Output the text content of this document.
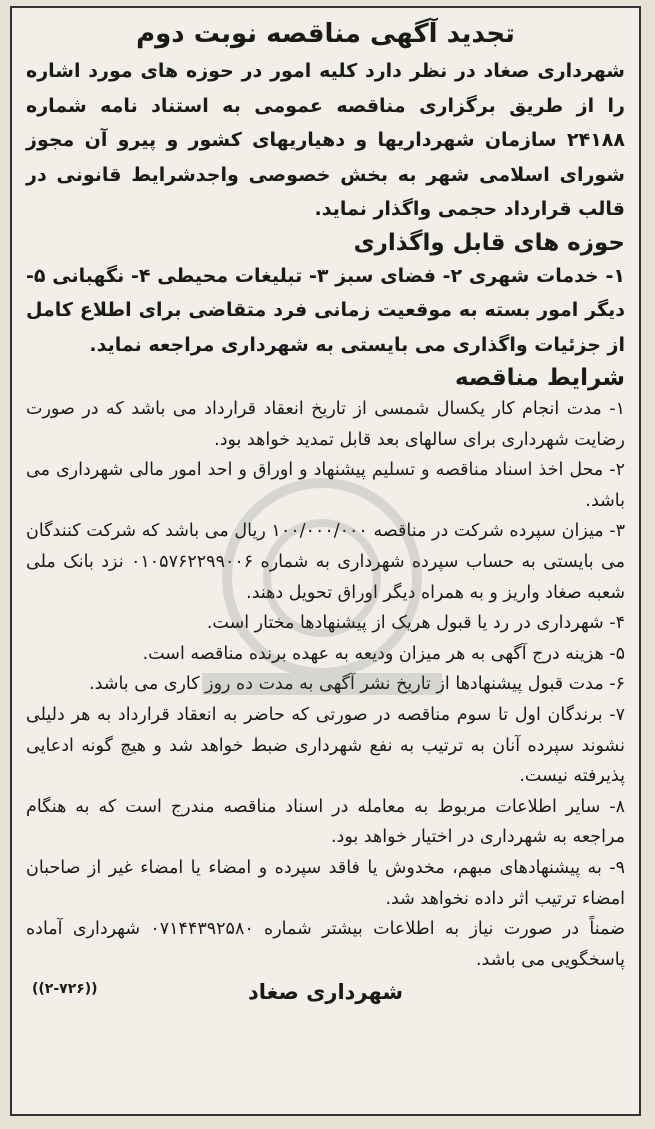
تجدید آگهی مناقصه نوبت دوم

شهرداری صغاد در نظر دارد کلیه امور در حوزه های مورد اشاره را از طریق برگزاری مناقصه عمومی به استناد نامه شماره ۲۴۱۸۸ سازمان شهرداریها و دهیاریهای کشور و پیرو آن مجوز شورای اسلامی شهر به بخش خصوصی واجدشرایط قانونی در قالب قرارداد حجمی واگذار نماید.

حوزه های قابل واگذاری

۱- خدمات شهری ۲- فضای سبز ۳- تبلیغات محیطی ۴- نگهبانی ۵- دیگر امور بسته به موقعیت زمانی فرد متقاضی برای اطلاع کامل از جزئیات واگذاری می بایستی به شهرداری مراجعه نماید.

شرایط مناقصه

۱- مدت انجام کار یکسال شمسی از تاریخ انعقاد قرارداد می باشد که در صورت رضایت شهرداری برای سالهای بعد قابل تمدید خواهد بود.

۲- محل اخذ اسناد مناقصه و تسلیم پیشنهاد و اوراق و احد امور مالی شهرداری می باشد.

۳- میزان سپرده شرکت در مناقصه ۱۰۰/۰۰۰/۰۰۰ ریال می باشد که شرکت کنندگان می بایستی به حساب سپرده شهرداری به شماره ۰۱۰۵۷۶۲۲۹۹۰۰۶ نزد بانک ملی شعبه صغاد واریز و به همراه دیگر اوراق تحویل دهند.

۴- شهرداری در رد یا قبول هریک از پیشنهادها مختار است.

۵- هزینه درج آگهی به هر میزان ودیعه به عهده برنده مناقصه است.

۶- مدت قبول پیشنهادها از تاریخ نشر آگهی به مدت ده روز کاری می باشد.

۷- برندگان اول تا سوم مناقصه در صورتی که حاضر به انعقاد قرارداد به هر دلیلی نشوند سپرده آنان به ترتیب به نفع شهرداری ضبط خواهد شد و هیچ گونه ادعایی پذیرفته نیست.

۸- سایر اطلاعات مربوط به معامله در اسناد مناقصه مندرج است که به هنگام مراجعه به شهرداری در اختیار خواهد بود.

۹- به پیشنهادهای مبهم، مخدوش یا فاقد سپرده و امضاء یا امضاء غیر از صاحبان امضاء ترتیب اثر داده نخواهد شد.

ضمناً در صورت نیاز به اطلاعات بیشتر شماره ۰۷۱۴۴۳۹۲۵۸۰ شهرداری آماده پاسخگویی می باشد.

شهرداری صغاد
((۲-۷۲۶))
